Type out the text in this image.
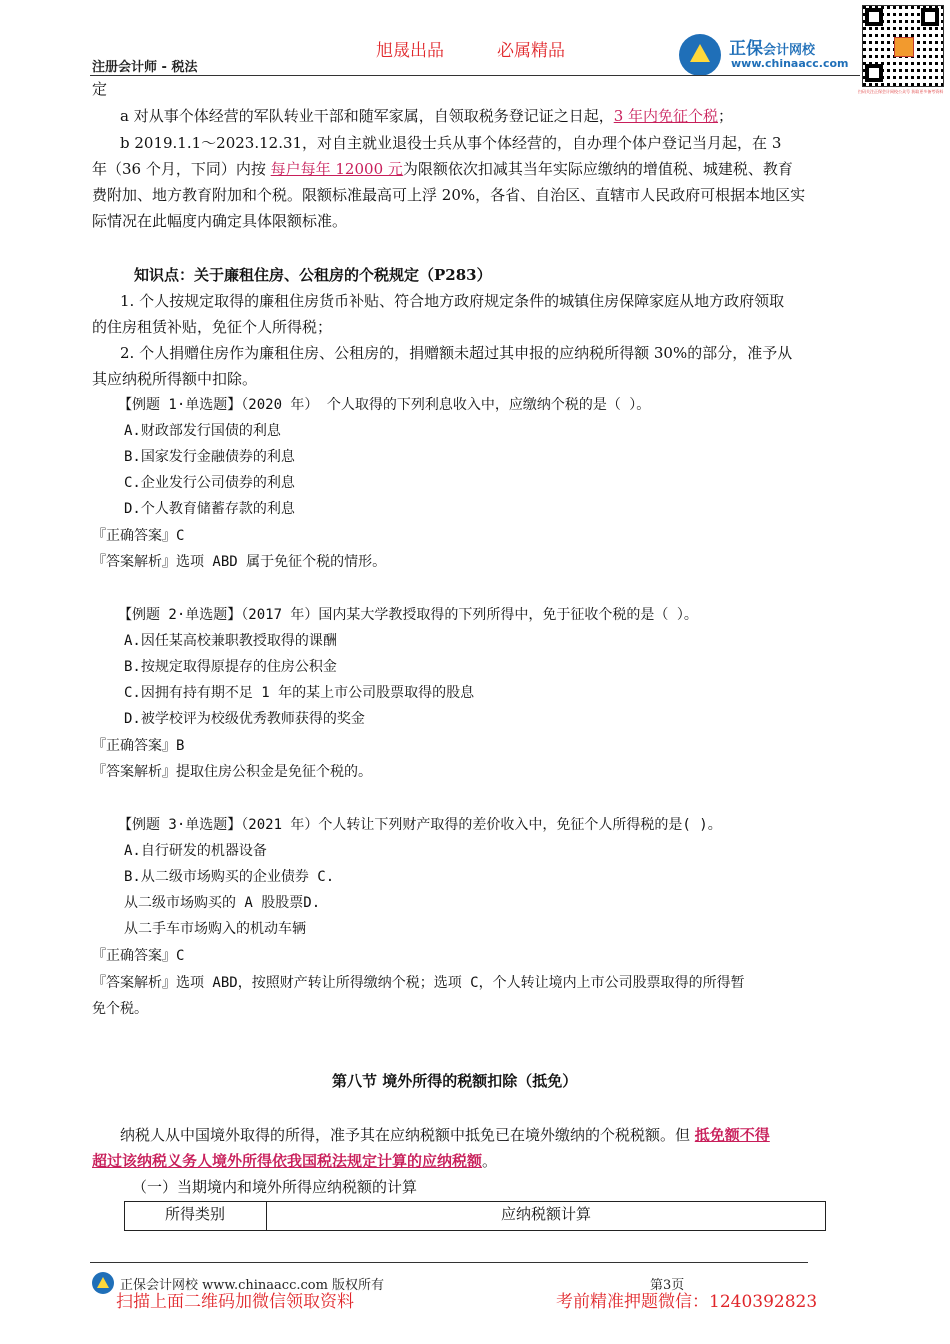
注册会计师 - 税法
旭晟出品	必属精品	正保会计网校
www.chinaacc.com
扫码关注正保会计网校公众号 获取更多备考资料
定
a 对从事个体经营的军队转业干部和随军家属，自领取税务登记证之日起，3 年内免征个税；
b 2019.1.1～2023.12.31，对自主就业退役士兵从事个体经营的，自办理个体户登记当月起，在 3
年（36 个月，下同）内按 每户每年 12000 元为限额依次扣减其当年实际应缴纳的增值税、城建税、教育
费附加、地方教育附加和个税。限额标准最高可上浮 20%，各省、自治区、直辖市人民政府可根据本地区实
际情况在此幅度内确定具体限额标准。
知识点：关于廉租住房、公租房的个税规定（P283）
1. 个人按规定取得的廉租住房货币补贴、符合地方政府规定条件的城镇住房保障家庭从地方政府领取
的住房租赁补贴，免征个人所得税；
2. 个人捐赠住房作为廉租住房、公租房的，捐赠额未超过其申报的应纳税所得额 30%的部分，准予从
其应纳税所得额中扣除。
【例题 1·单选题】（2020 年） 个人取得的下列利息收入中，应缴纳个税的是（ ）。
A.财政部发行国债的利息
B.国家发行金融债券的利息
C.企业发行公司债券的利息
D.个人教育储蓄存款的利息
『正确答案』C
『答案解析』选项 ABD 属于免征个税的情形。
【例题 2·单选题】（2017 年）国内某大学教授取得的下列所得中，免于征收个税的是（ ）。
A.因任某高校兼职教授取得的课酬
B.按规定取得原提存的住房公积金
C.因拥有持有期不足 1 年的某上市公司股票取得的股息
D.被学校评为校级优秀教师获得的奖金
『正确答案』B
『答案解析』提取住房公积金是免征个税的。
【例题 3·单选题】（2021 年）个人转让下列财产取得的差价收入中，免征个人所得税的是( )。
A.自行研发的机器设备
B.从二级市场购买的企业债券 C.
从二级市场购买的 A 股股票D.
从二手车市场购入的机动车辆
『正确答案』C
『答案解析』选项 ABD，按照财产转让所得缴纳个税；选项 C，个人转让境内上市公司股票取得的所得暂
免个税。
第八节 境外所得的税额扣除（抵免）
纳税人从中国境外取得的所得，准予其在应纳税额中抵免已在境外缴纳的个税税额。但 抵免额不得
超过该纳税义务人境外所得依我国税法规定计算的应纳税额。
（一）当期境内和境外所得应纳税额的计算
所得类别	应纳税额计算
正保会计网校 www.chinaacc.com 版权所有	第3页
扫描上面二维码加微信领取资料	考前精准押题微信：1240392823
